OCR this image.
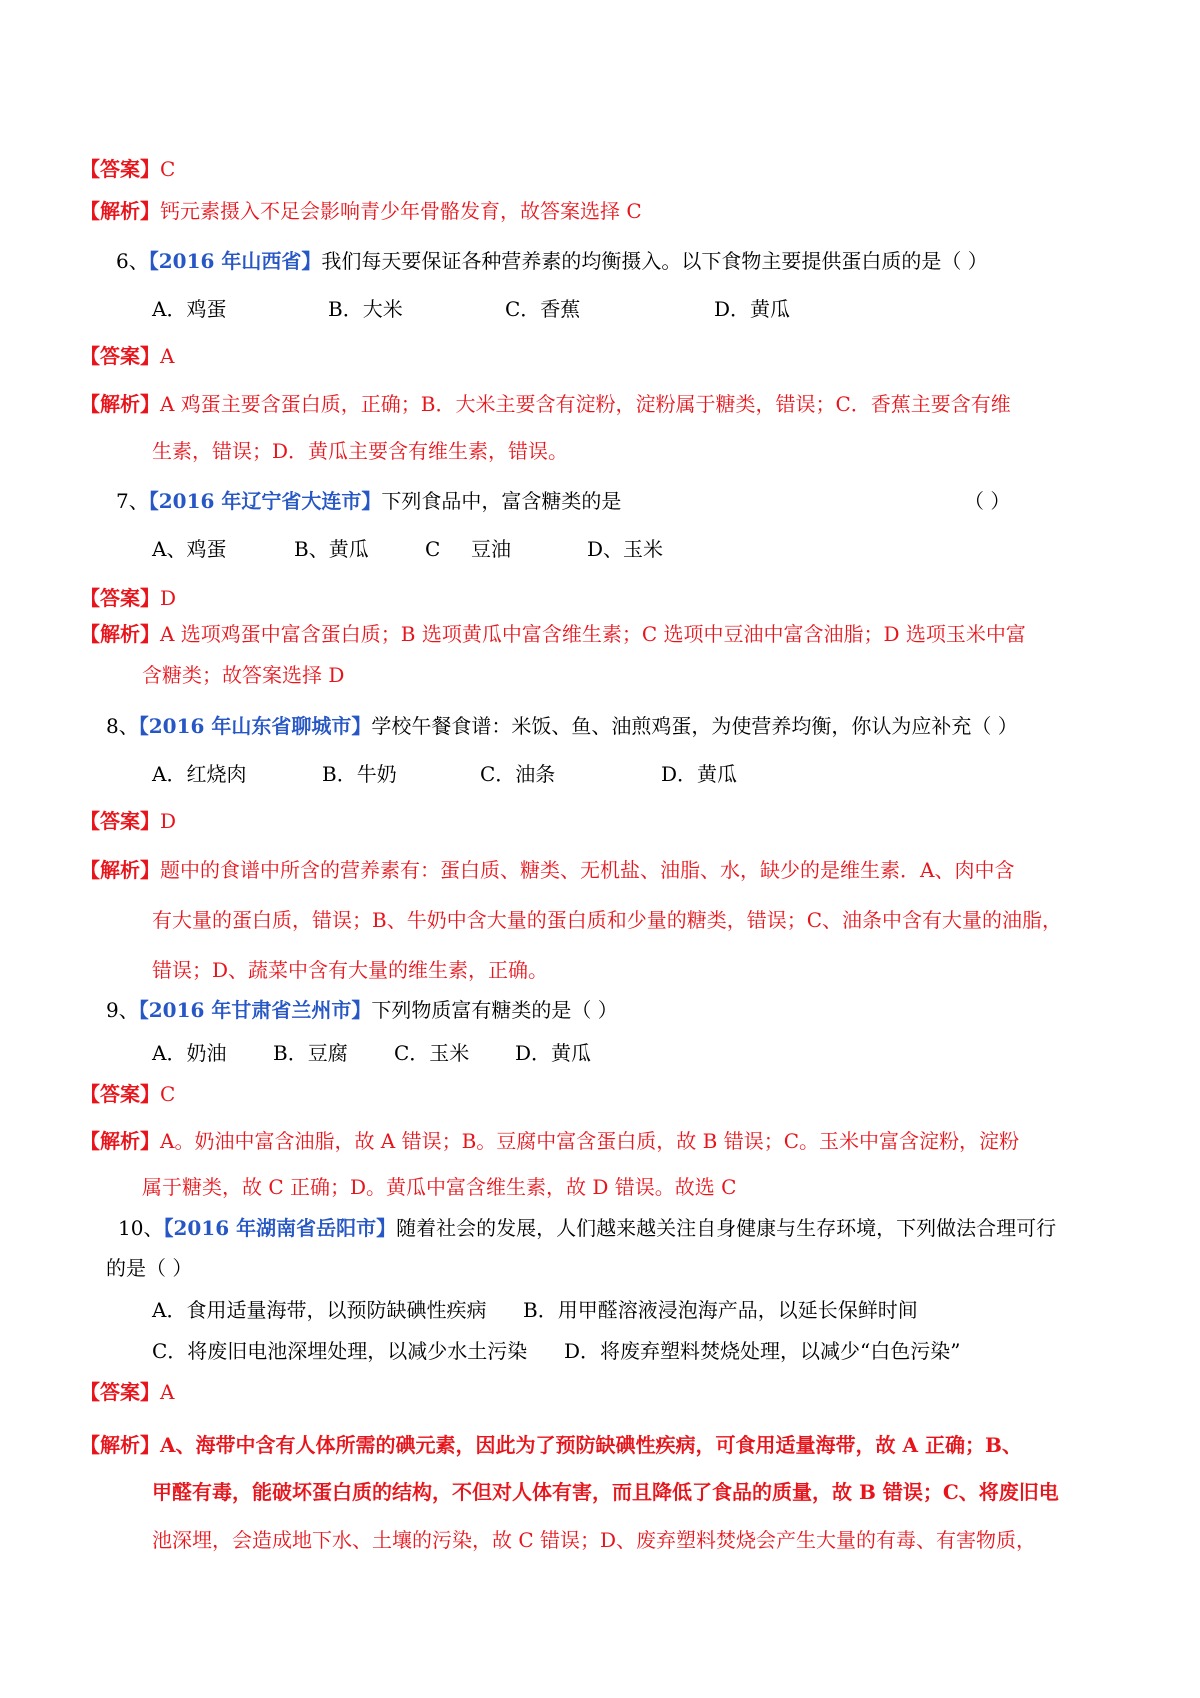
【答案】C
【解析】钙元素摄入不足会影响青少年骨骼发育，故答案选择 C
6、【2016 年山西省】我们每天要保证各种营养素的均衡摄入。以下食物主要提供蛋白质的是（ ）
A．鸡蛋	B．大米	C．香蕉	D．黄瓜
【答案】A
【解析】A 鸡蛋主要含蛋白质，正确；B．大米主要含有淀粉，淀粉属于糖类，错误；C．香蕉主要含有维
生素，错误；D．黄瓜主要含有维生素，错误。
7、【2016 年辽宁省大连市】下列食品中，富含糖类的是	（ ）
A、鸡蛋	B、黄瓜	C 豆油	D、玉米
【答案】D
【解析】A 选项鸡蛋中富含蛋白质；B 选项黄瓜中富含维生素；C 选项中豆油中富含油脂；D 选项玉米中富
含糖类；故答案选择 D
8、【2016 年山东省聊城市】学校午餐食谱：米饭、鱼、油煎鸡蛋，为使营养均衡，你认为应补充（ ）
A．红烧肉	B．牛奶	C．油条	D．黄瓜
【答案】D
【解析】题中的食谱中所含的营养素有：蛋白质、糖类、无机盐、油脂、水，缺少的是维生素．A、肉中含
有大量的蛋白质，错误；B、牛奶中含大量的蛋白质和少量的糖类，错误；C、油条中含有大量的油脂，
错误；D、蔬菜中含有大量的维生素，正确。
9、【2016 年甘肃省兰州市】下列物质富有糖类的是（ ）
A．奶油 B．豆腐 C．玉米 D．黄瓜
【答案】C
【解析】A。奶油中富含油脂，故 A 错误；B。豆腐中富含蛋白质，故 B 错误；C。玉米中富含淀粉，淀粉
属于糖类，故 C 正确；D。黄瓜中富含维生素，故 D 错误。故选 C
10、【2016 年湖南省岳阳市】随着社会的发展，人们越来越关注自身健康与生存环境，下列做法合理可行
的是（ ）
A．食用适量海带，以预防缺碘性疾病 B．用甲醛溶液浸泡海产品，以延长保鲜时间
C．将废旧电池深埋处理，以减少水土污染 D．将废弃塑料焚烧处理，以减少“白色污染”
【答案】A
【解析】A、海带中含有人体所需的碘元素，因此为了预防缺碘性疾病，可食用适量海带，故 A 正确；B、
甲醛有毒，能破坏蛋白质的结构，不但对人体有害，而且降低了食品的质量，故 B 错误；C、将废旧电
池深埋，会造成地下水、土壤的污染，故 C 错误；D、废弃塑料焚烧会产生大量的有毒、有害物质，
